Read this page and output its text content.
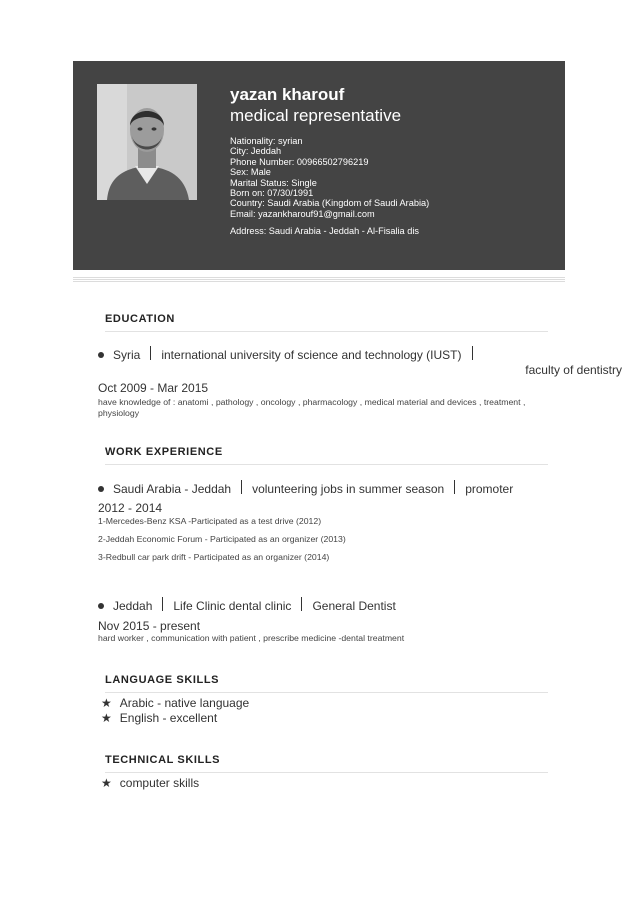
yazan kharouf
medical representative
Nationality: syrian
City: Jeddah
Phone Number: 00966502796219
Sex: Male
Marital Status: Single
Born on: 07/30/1991
Country: Saudi Arabia (Kingdom of Saudi Arabia)
Email: yazankharouf91@gmail.com
Address: Saudi Arabia - Jeddah - Al-Fisalia dis
EDUCATION
Syria international university of science and technology (IUST)
faculty of dentistry
Oct 2009 - Mar 2015
have knowledge of : anatomi , pathology , oncology , pharmacology , medical material and devices , treatment , physiology
WORK EXPERIENCE
Saudi Arabia - Jeddah volunteering jobs in summer season promoter
2012 - 2014
1-Mercedes-Benz KSA -Participated as a test drive (2012)
2-Jeddah Economic Forum - Participated as an organizer (2013)
3-Redbull car park drift - Participated as an organizer (2014)
Jeddah Life Clinic dental clinic General Dentist
Nov 2015 - present
hard worker , communication with patient , prescribe medicine -dental treatment
LANGUAGE SKILLS
★ Arabic - native language
★ English - excellent
TECHNICAL SKILLS
★ computer skills
